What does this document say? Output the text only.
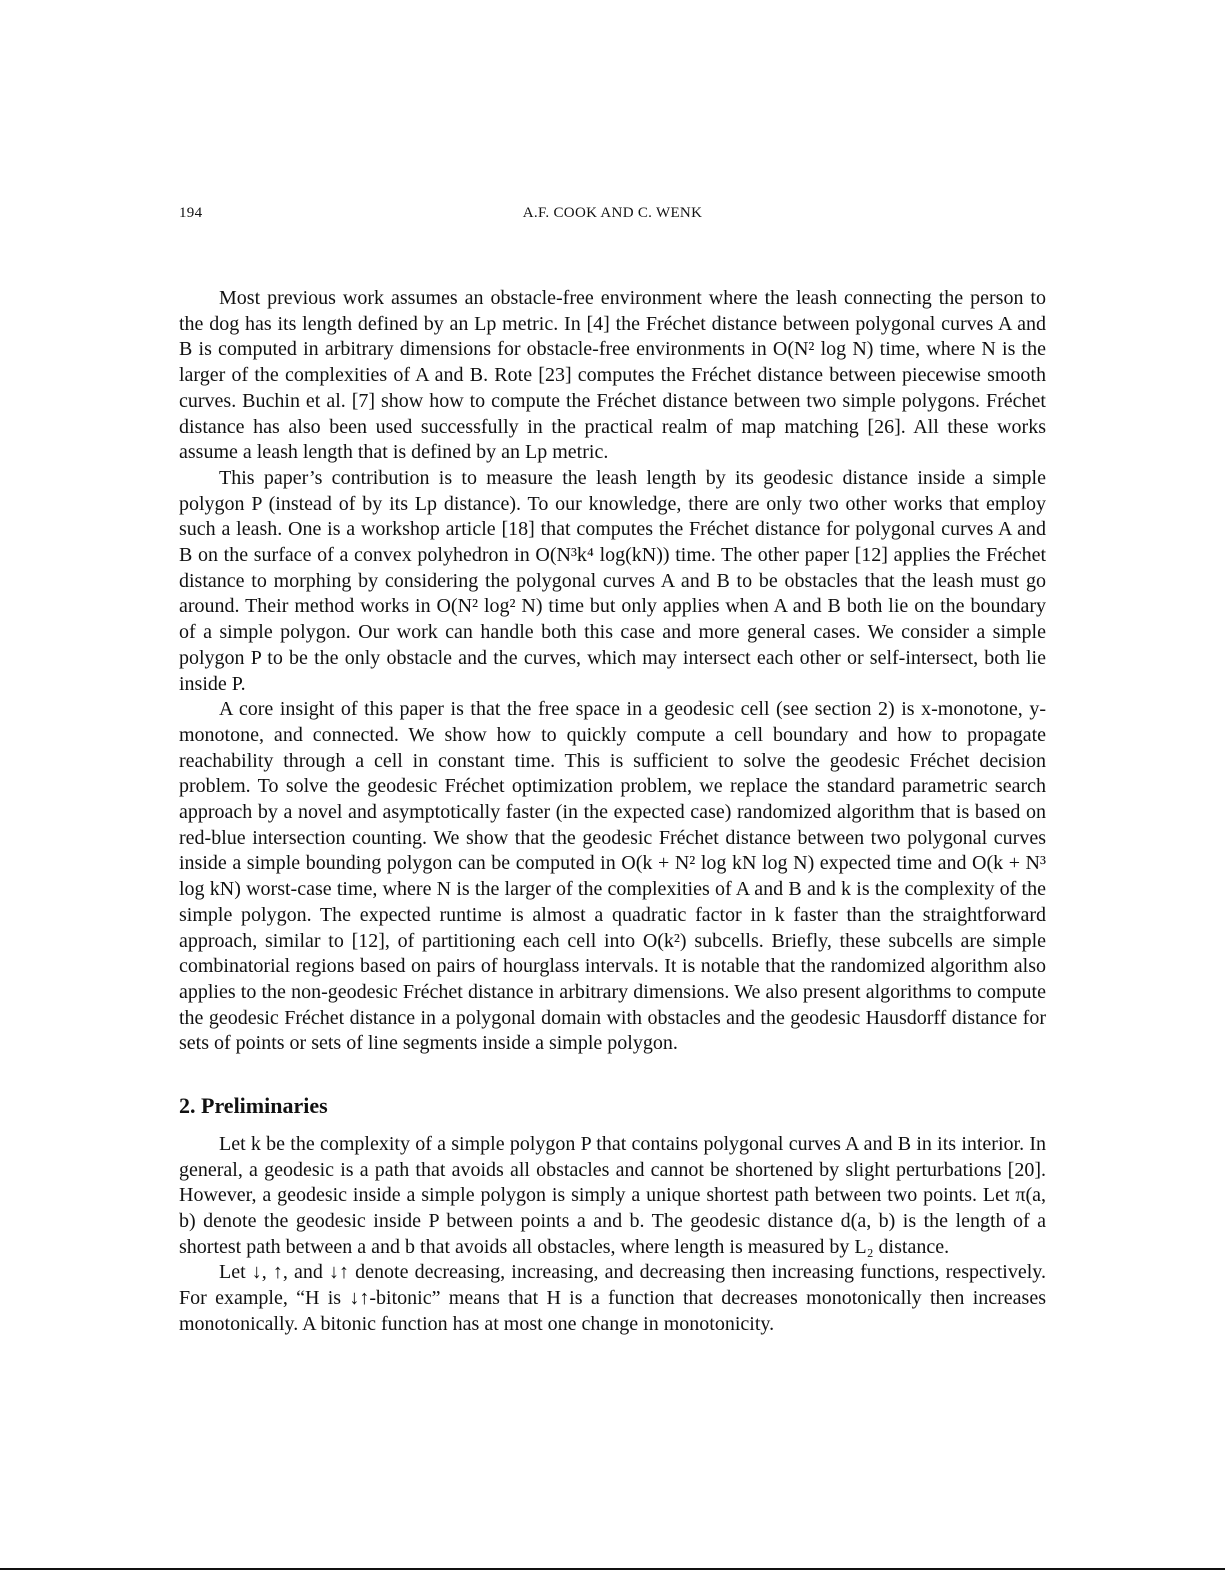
194	A.F. COOK AND C. WENK

Most previous work assumes an obstacle-free environment where the leash connecting the person to the dog has its length defined by an Lp metric. In [4] the Fréchet distance between polygonal curves A and B is computed in arbitrary dimensions for obstacle-free environments in O(N² log N) time, where N is the larger of the complexities of A and B. Rote [23] computes the Fréchet distance between piecewise smooth curves. Buchin et al. [7] show how to compute the Fréchet distance between two simple polygons. Fréchet distance has also been used successfully in the practical realm of map matching [26]. All these works assume a leash length that is defined by an Lp metric.

This paper’s contribution is to measure the leash length by its geodesic distance inside a simple polygon P (instead of by its Lp distance). To our knowledge, there are only two other works that employ such a leash. One is a workshop article [18] that computes the Fréchet distance for polygonal curves A and B on the surface of a convex polyhedron in O(N³k⁴ log(kN)) time. The other paper [12] applies the Fréchet distance to morphing by considering the polygonal curves A and B to be obstacles that the leash must go around. Their method works in O(N² log² N) time but only applies when A and B both lie on the boundary of a simple polygon. Our work can handle both this case and more general cases. We consider a simple polygon P to be the only obstacle and the curves, which may intersect each other or self-intersect, both lie inside P.

A core insight of this paper is that the free space in a geodesic cell (see section 2) is x-monotone, y-monotone, and connected. We show how to quickly compute a cell boundary and how to propagate reachability through a cell in constant time. This is sufficient to solve the geodesic Fréchet decision problem. To solve the geodesic Fréchet optimization problem, we replace the standard parametric search approach by a novel and asymptotically faster (in the expected case) randomized algorithm that is based on red-blue intersection counting. We show that the geodesic Fréchet distance between two polygonal curves inside a simple bounding polygon can be computed in O(k + N² log kN log N) expected time and O(k + N³ log kN) worst-case time, where N is the larger of the complexities of A and B and k is the complexity of the simple polygon. The expected runtime is almost a quadratic factor in k faster than the straightforward approach, similar to [12], of partitioning each cell into O(k²) subcells. Briefly, these subcells are simple combinatorial regions based on pairs of hourglass intervals. It is notable that the randomized algorithm also applies to the non-geodesic Fréchet distance in arbitrary dimensions. We also present algorithms to compute the geodesic Fréchet distance in a polygonal domain with obstacles and the geodesic Hausdorff distance for sets of points or sets of line segments inside a simple polygon.

2. Preliminaries

Let k be the complexity of a simple polygon P that contains polygonal curves A and B in its interior. In general, a geodesic is a path that avoids all obstacles and cannot be shortened by slight perturbations [20]. However, a geodesic inside a simple polygon is simply a unique shortest path between two points. Let π(a, b) denote the geodesic inside P between points a and b. The geodesic distance d(a, b) is the length of a shortest path between a and b that avoids all obstacles, where length is measured by L₂ distance.

Let ↓, ↑, and ↓↑ denote decreasing, increasing, and decreasing then increasing functions, respectively. For example, “H is ↓↑-bitonic” means that H is a function that decreases monotonically then increases monotonically. A bitonic function has at most one change in monotonicity.
